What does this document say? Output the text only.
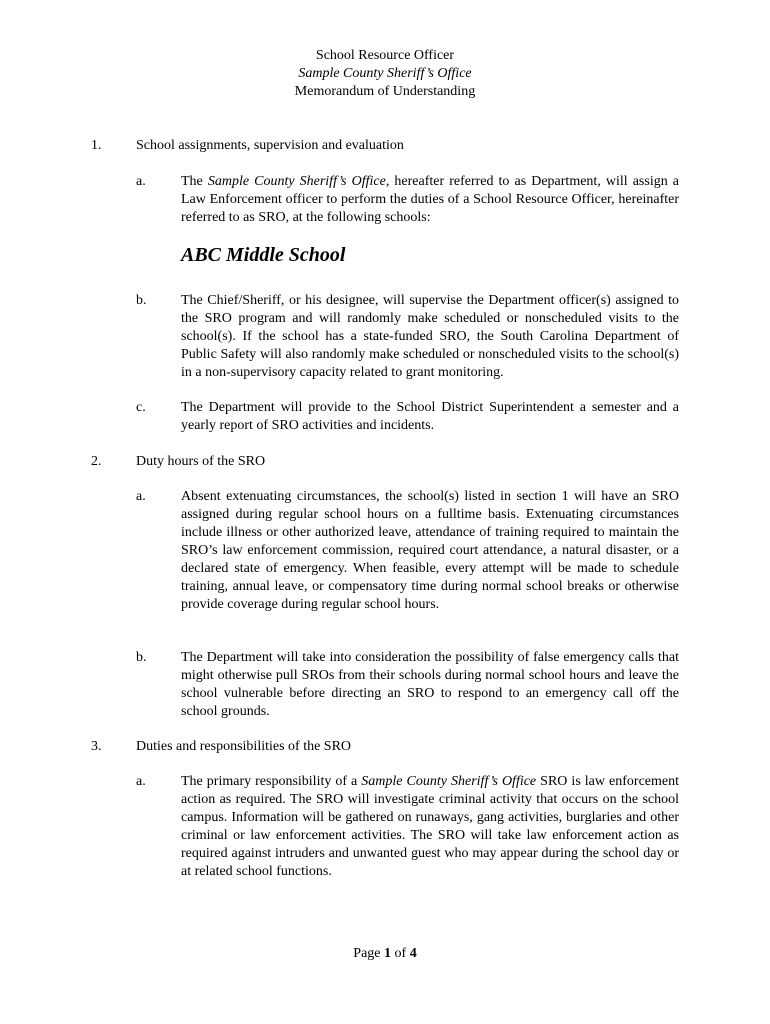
School Resource Officer
Sample County Sheriff’s Office
Memorandum of Understanding
1. School assignments, supervision and evaluation
a.	The Sample County Sheriff’s Office, hereafter referred to as Department, will assign a Law Enforcement officer to perform the duties of a School Resource Officer, hereinafter referred to as SRO, at the following schools:
ABC Middle School
b. The Chief/Sheriff, or his designee, will supervise the Department officer(s) assigned to the SRO program and will randomly make scheduled or nonscheduled visits to the school(s). If the school has a state-funded SRO, the South Carolina Department of Public Safety will also randomly make scheduled or nonscheduled visits to the school(s) in a non-supervisory capacity related to grant monitoring.
c.	The Department will provide to the School District Superintendent a semester and a yearly report of SRO activities and incidents.
2. Duty hours of the SRO
a.	Absent extenuating circumstances, the school(s) listed in section 1 will have an SRO assigned during regular school hours on a fulltime basis. Extenuating circumstances include illness or other authorized leave, attendance of training required to maintain the SRO’s law enforcement commission, required court attendance, a natural disaster, or a declared state of emergency. When feasible, every attempt will be made to schedule training, annual leave, or compensatory time during normal school breaks or otherwise provide coverage during regular school hours.
b. The Department will take into consideration the possibility of false emergency calls that might otherwise pull SROs from their schools during normal school hours and leave the school vulnerable before directing an SRO to respond to an emergency call off the school grounds.
3. Duties and responsibilities of the SRO
a.	The primary responsibility of a Sample County Sheriff’s Office SRO is law enforcement action as required. The SRO will investigate criminal activity that occurs on the school campus. Information will be gathered on runaways, gang activities, burglaries and other criminal or law enforcement activities. The SRO will take law enforcement action as required against intruders and unwanted guest who may appear during the school day or at related school functions.
Page 1 of 4
